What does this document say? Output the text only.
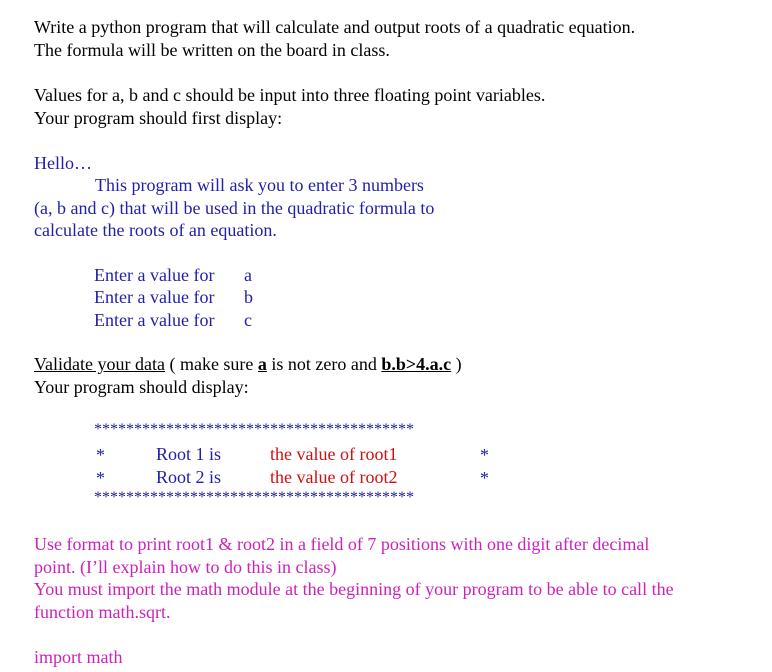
Write a python program that will calculate and output roots of a quadratic equation.

The formula will be written on the board in class.

Values for a, b and c should be input into three floating point variables.

Your program should first display:

Hello…

This program will ask you to enter 3 numbers

(a, b and c) that will be used in the quadratic formula to

calculate the roots of an equation.

Enter a value for a

Enter a value for b

Enter a value for c

Validate your data ( make sure a is not zero and b.b>4.a.c )

Your program should display:

****************************************

*	Root 1 is	the value of root1	*

*	Root 2 is	the value of root2	*

****************************************

Use format to print root1 & root2 in a field of 7 positions with one digit after decimal

point. (I’ll explain how to do this in class)

You must import the math module at the beginning of your program to be able to call the

function math.sqrt.

import math
